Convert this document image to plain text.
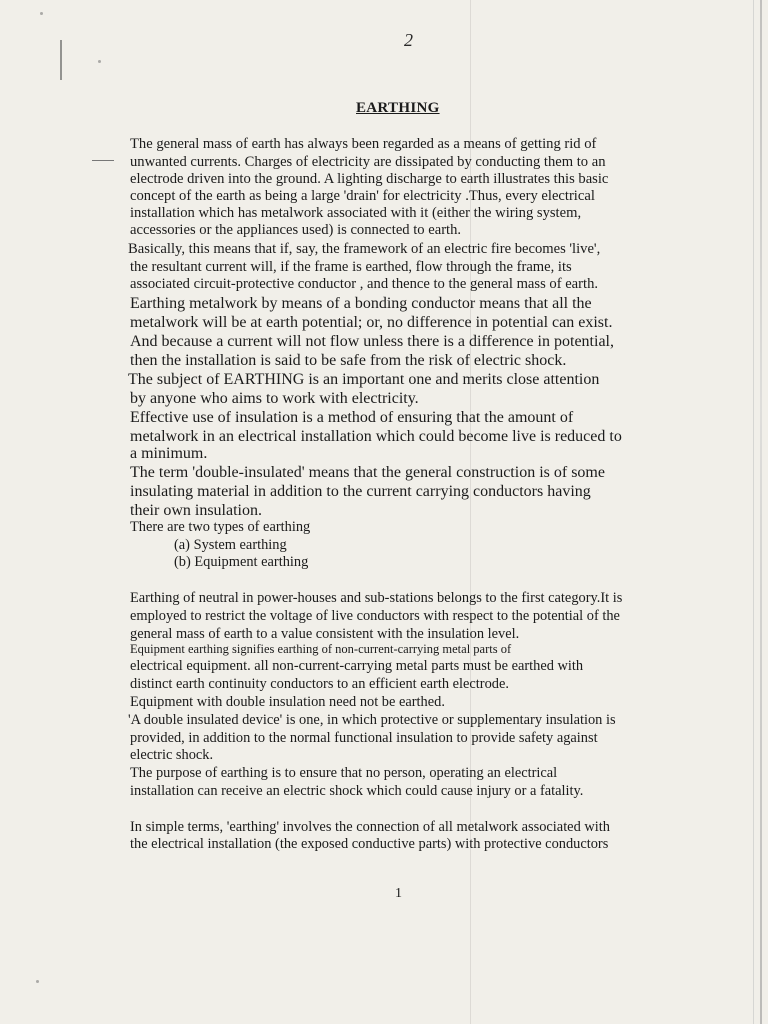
2
EARTHING
The general mass of earth has always been regarded as a means of getting rid of
unwanted currents. Charges of electricity are dissipated by conducting them to an
electrode driven into the ground. A lighting discharge to earth illustrates this basic
concept of the earth as being a large 'drain' for electricity .Thus, every electrical
installation which has metalwork associated with it (either the wiring system,
accessories or the appliances used) is connected to earth.
Basically, this means that if, say, the framework of an electric fire becomes 'live',
the resultant current will, if the frame is earthed, flow through the frame, its
associated circuit-protective conductor , and thence to the general mass of earth.
Earthing metalwork by means of a bonding conductor means that all the
metalwork will be at earth potential; or, no difference in potential can exist.
And because a current will not flow unless there is a difference in potential,
then the installation is said to be safe from the risk of electric shock.
The subject of EARTHING is an important one and merits close attention
by anyone who aims to work with electricity.
Effective use of insulation is a method of ensuring that the amount of
metalwork in an electrical installation which could become live is reduced to
a minimum.
The term 'double-insulated' means that the general construction is of some
insulating material in addition to the current carrying conductors having
their own insulation.
There are two types of earthing
(a) System earthing
(b) Equipment earthing
Earthing of neutral in power-houses and sub-stations belongs to the first category.It is
employed to restrict the voltage of live conductors with respect to the potential of the
general mass of earth to a value consistent with the insulation level.
Equipment earthing signifies earthing of non-current-carrying metal parts of
electrical equipment. all non-current-carrying metal parts must be earthed with
distinct earth continuity conductors to an efficient earth electrode.
Equipment with double insulation need not be earthed.
'A double insulated device' is one, in which protective or supplementary insulation is
provided, in addition to the normal functional insulation to provide safety against
electric shock.
The purpose of earthing is to ensure that no person, operating an electrical
installation can receive an electric shock which could cause injury or a fatality.
In simple terms, 'earthing' involves the connection of all metalwork associated with
the electrical installation (the exposed conductive parts) with protective conductors
1
